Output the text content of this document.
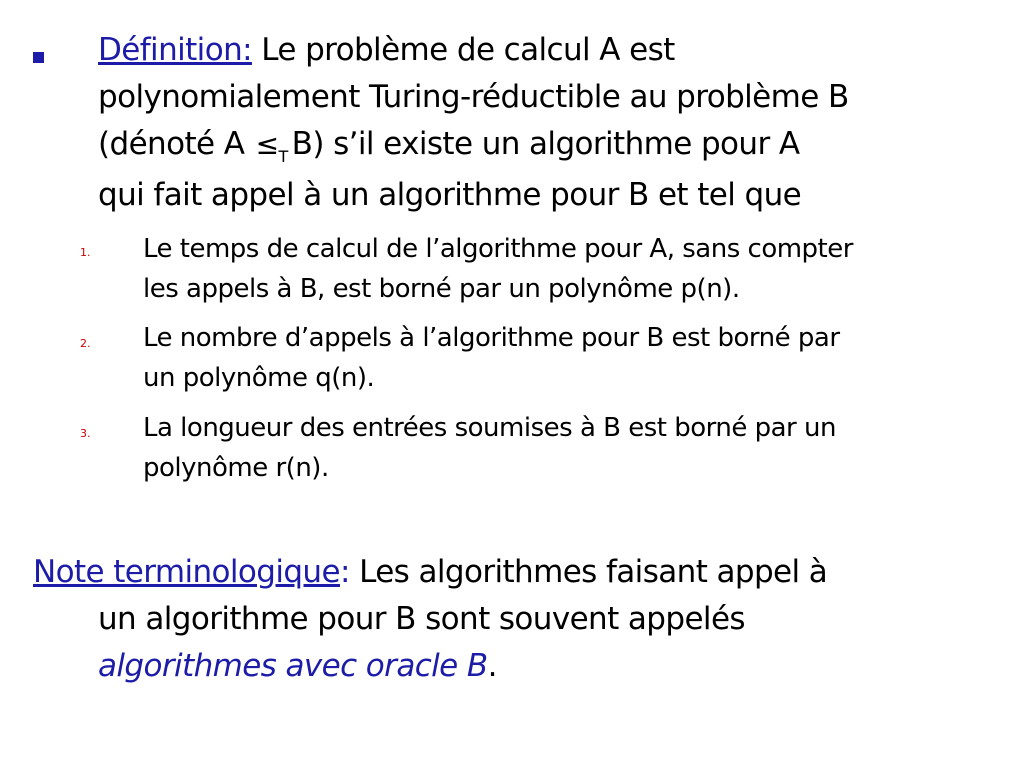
Définition: Le problème de calcul A est
polynomialement Turing-réductible au problème B
(dénoté $A \le_T$ B) s’il existe un algorithme pour A
qui fait appel à un algorithme pour B et tel que
1.	Le temps de calcul de l’algorithme pour A, sans compter
les appels à B, est borné par un polynôme p(n).
2.	Le nombre d’appels à l’algorithme pour B est borné par
un polynôme q(n).
3.	La longueur des entrées soumises à B est borné par un
polynôme r(n).
Note terminologique: Les algorithmes faisant appel à
un algorithme pour B sont souvent appelés
algorithmes avec oracle B.
